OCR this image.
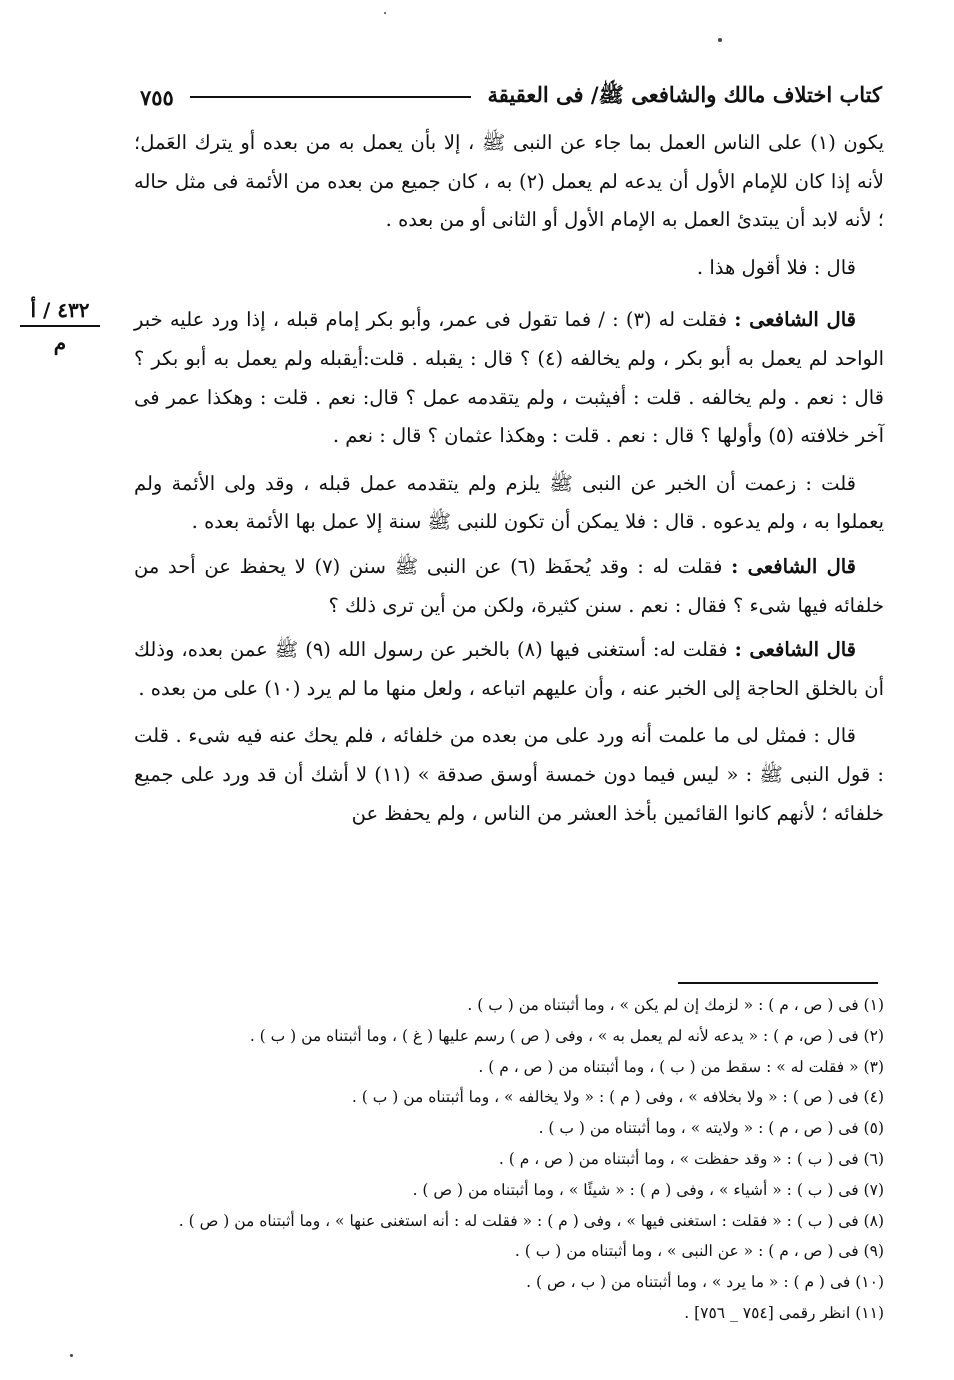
كتاب اختلاف مالك والشافعى ﷺ/ فى العقيقة
٧٥٥
٤٣٢ / أ
م

يكون (١) على الناس العمل بما جاء عن النبى ﷺ ، إلا بأن يعمل به من بعده أو يترك العَمل؛ لأنه إذا كان للإمام الأول أن يدعه لم يعمل (٢) به ، كان جميع من بعده من الأئمة فى مثل حاله ؛ لأنه لابد أن يبتدئ العمل به الإمام الأول أو الثانى أو من بعده .

قال : فلا أقول هذا .

قال الشافعى : فقلت له (٣) : / فما تقول فى عمر، وأبو بكر إمام قبله ، إذا ورد عليه خبر الواحد لم يعمل به أبو بكر ، ولم يخالفه (٤) ؟ قال : يقبله . قلت:أيقبله ولم يعمل به أبو بكر ؟ قال : نعم . ولم يخالفه . قلت : أفيثبت ، ولم يتقدمه عمل ؟ قال: نعم . قلت : وهكذا عمر فى آخر خلافته (٥) وأولها ؟ قال : نعم . قلت : وهكذا عثمان ؟ قال : نعم .

قلت : زعمت أن الخبر عن النبى ﷺ يلزم ولم يتقدمه عمل قبله ، وقد ولى الأئمة ولم يعملوا به ، ولم يدعوه . قال : فلا يمكن أن تكون للنبى ﷺ سنة إلا عمل بها الأئمة بعده .

قال الشافعى : فقلت له : وقد يُحفَظ (٦) عن النبى ﷺ سنن (٧) لا يحفظ عن أحد من خلفائه فيها شىء ؟ فقال : نعم . سنن كثيرة، ولكن من أين ترى ذلك ؟

قال الشافعى : فقلت له: أستغنى فيها (٨) بالخبر عن رسول الله (٩) ﷺ عمن بعده، وذلك أن بالخلق الحاجة إلى الخبر عنه ، وأن عليهم اتباعه ، ولعل منها ما لم يرد (١٠) على من بعده .

قال : فمثل لى ما علمت أنه ورد على من بعده من خلفائه ، فلم يحك عنه فيه شىء . قلت : قول النبى ﷺ : « ليس فيما دون خمسة أوسق صدقة » (١١) لا أشك أن قد ورد على جميع خلفائه ؛ لأنهم كانوا القائمين بأخذ العشر من الناس ، ولم يحفظ عن

(١) فى ( ص ، م ) : « لزمك إن لم يكن » ، وما أثبتناه من ( ب ) .

(٢) فى ( ص، م ) : « يدعه لأنه لم يعمل به » ، وفى ( ص ) رسم عليها ( غ ) ، وما أثبتناه من ( ب ) .

(٣) « فقلت له » : سقط من ( ب ) ، وما أثبتناه من ( ص ، م ) .

(٤) فى ( ص ) : « ولا بخلافه » ، وفى ( م ) : « ولا يخالفه » ، وما أثبتناه من ( ب ) .

(٥) فى ( ص ، م ) : « ولايته » ، وما أثبتناه من ( ب ) .

(٦) فى ( ب ) : « وقد حفظت » ، وما أثبتناه من ( ص ، م ) .

(٧) فى ( ب ) : « أشياء » ، وفى ( م ) : « شيئًا » ، وما أثبتناه من ( ص ) .

(٨) فى ( ب ) : « فقلت : استغنى فيها » ، وفى ( م ) : « فقلت له : أنه استغنى عنها » ، وما أثبتناه من ( ص ) .

(٩) فى ( ص ، م ) : « عن النبى » ، وما أثبتناه من ( ب ) .

(١٠) فى ( م ) : « ما يرد » ، وما أثبتناه من ( ب ، ص ) .

(١١) انظر رقمى [٧٥٤ _ ٧٥٦] .
